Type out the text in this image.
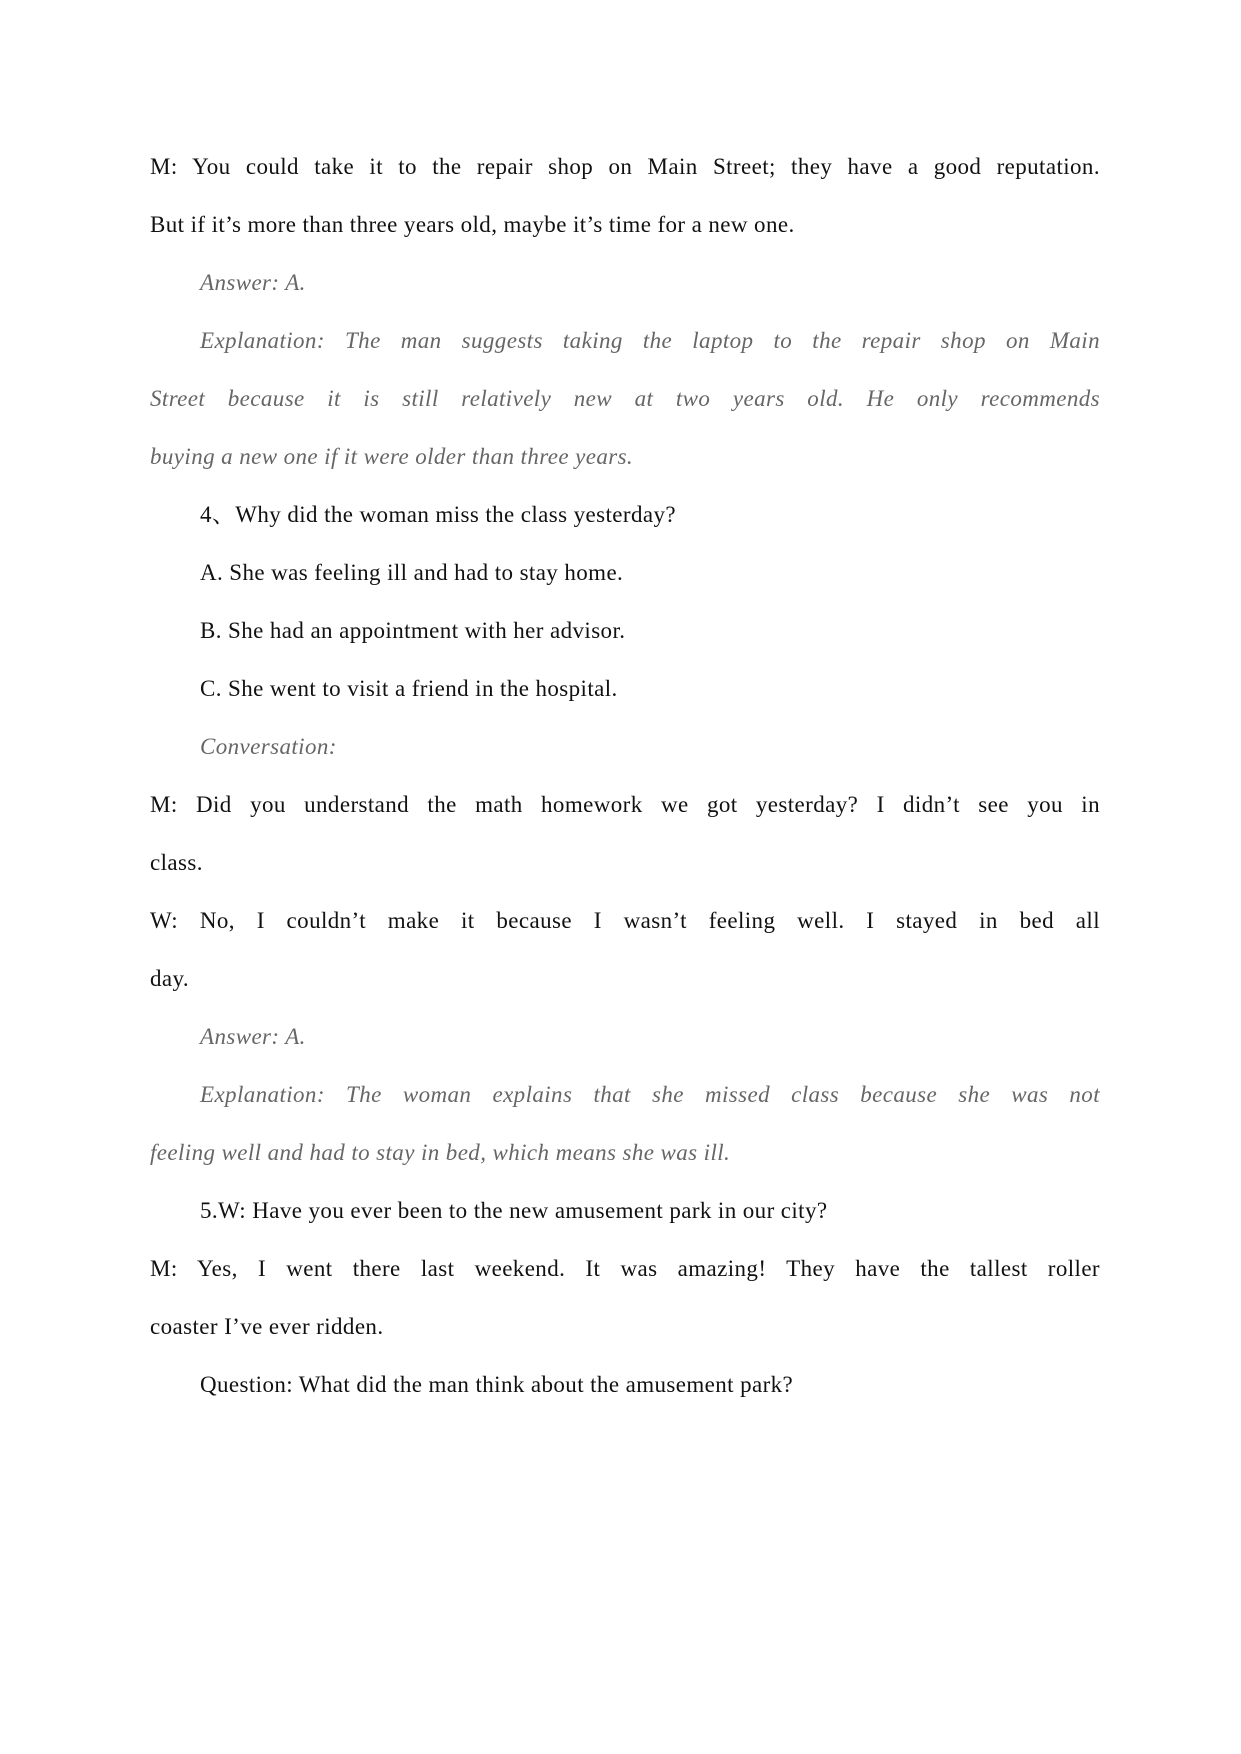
M: You could take it to the repair shop on Main Street; they have a good reputation.
But if it’s more than three years old, maybe it’s time for a new one.
Answer: A.
Explanation: The man suggests taking the laptop to the repair shop on Main
Street because it is still relatively new at two years old. He only recommends
buying a new one if it were older than three years.
4、Why did the woman miss the class yesterday?
A. She was feeling ill and had to stay home.
B. She had an appointment with her advisor.
C. She went to visit a friend in the hospital.
Conversation:
M: Did you understand the math homework we got yesterday? I didn’t see you in
class.
W: No, I couldn’t make it because I wasn’t feeling well. I stayed in bed all
day.
Answer: A.
Explanation: The woman explains that she missed class because she was not
feeling well and had to stay in bed, which means she was ill.
5.W: Have you ever been to the new amusement park in our city?
M: Yes, I went there last weekend. It was amazing! They have the tallest roller
coaster I’ve ever ridden.
Question: What did the man think about the amusement park?
